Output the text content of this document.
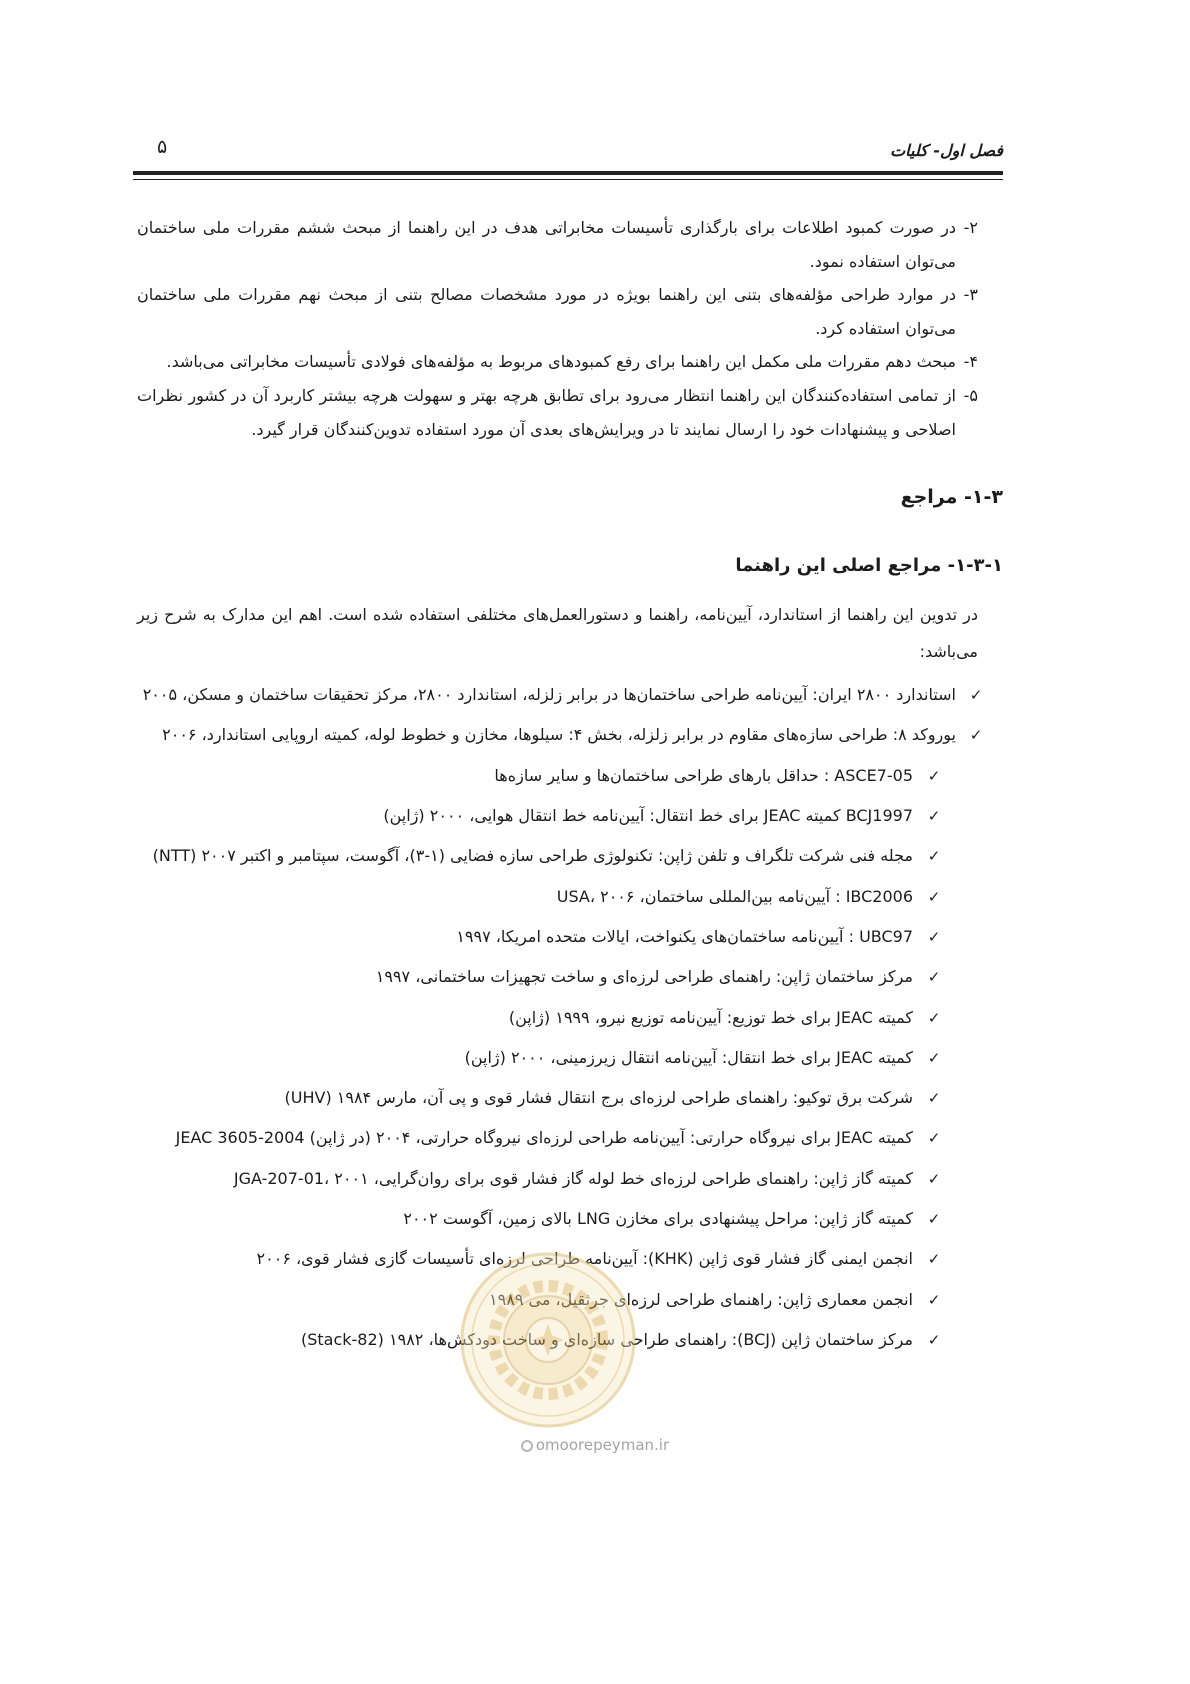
فصل اول- کلیات
۵
۲-
در صورت کمبود اطلاعات برای بارگذاری تأسیسات مخابراتی هدف در این راهنما از مبحث ششم مقررات ملی ساختمان می‌توان استفاده نمود.
۳-
در موارد طراحی مؤلفه‌های بتنی این راهنما بویژه در مورد مشخصات مصالح بتنی از مبحث نهم مقررات ملی ساختمان می‌توان استفاده کرد.
۴-
مبحث دهم مقررات ملی مکمل این راهنما برای رفع کمبودهای مربوط به مؤلفه‌های فولادی تأسیسات مخابراتی می‌باشد.
۵-
از تمامی استفاده‌کنندگان این راهنما انتظار می‌رود برای تطابق هرچه بهتر و سهولت هرچه بیشتر کاربرد آن در کشور نظرات اصلاحی و پیشنهادات خود را ارسال نمایند تا در ویرایش‌های بعدی آن مورد استفاده تدوین‌کنندگان قرار گیرد.
۱-۳- مراجع
۱-۳-۱- مراجع اصلی این راهنما
در تدوین این راهنما از استاندارد، آیین‌نامه، راهنما و دستورالعمل‌های مختلفی استفاده شده است. اهم این مدارک به شرح زیر می‌باشد:
✓
استاندارد ۲۸۰۰ ایران: آیین‌نامه طراحی ساختمان‌ها در برابر زلزله، استاندارد ۲۸۰۰، مرکز تحقیقات ساختمان و مسکن، ۲۰۰۵
✓
یوروکد ۸: طراحی سازه‌های مقاوم در برابر زلزله، بخش ۴: سیلوها، مخازن و خطوط لوله، کمیته اروپایی استاندارد، ۲۰۰۶
✓
ASCE7-05 : حداقل بارهای طراحی ساختمان‌ها و سایر سازه‌ها
✓
BCJ1997 کمیته JEAC برای خط انتقال: آیین‌نامه خط انتقال هوایی، ۲۰۰۰ (ژاپن)
✓
مجله فنی شرکت تلگراف و تلفن ژاپن: تکنولوژی طراحی سازه فضایی (۱-۳)، آگوست، سپتامبر و اکتبر ۲۰۰۷ (NTT)
✓
IBC2006 : آیین‌نامه بین‌المللی ساختمان، USA، ۲۰۰۶
✓
UBC97 : آیین‌نامه ساختمان‌های یکنواخت، ایالات متحده امریکا، ۱۹۹۷
✓
مرکز ساختمان ژاپن: راهنمای طراحی لرزه‌ای و ساخت تجهیزات ساختمانی، ۱۹۹۷
✓
کمیته JEAC برای خط توزیع: آیین‌نامه توزیع نیرو، ۱۹۹۹ (ژاپن)
✓
کمیته JEAC برای خط انتقال: آیین‌نامه انتقال زیرزمینی، ۲۰۰۰ (ژاپن)
✓
شرکت برق توکیو: راهنمای طراحی لرزه‌ای برج انتقال فشار قوی و پی آن، مارس ۱۹۸۴ (UHV)
✓
کمیته JEAC برای نیروگاه حرارتی: آیین‌نامه طراحی لرزه‌ای نیروگاه حرارتی، ۲۰۰۴ (در ژاپن) JEAC 3605-2004
✓
کمیته گاز ژاپن: راهنمای طراحی لرزه‌ای خط لوله گاز فشار قوی برای روان‌گرایی، JGA-207-01، ۲۰۰۱
✓
کمیته گاز ژاپن: مراحل پیشنهادی برای مخازن LNG بالای زمین، آگوست ۲۰۰۲
✓
انجمن ایمنی گاز فشار قوی ژاپن (KHK): آیین‌نامه طراحی لرزه‌ای تأسیسات گازی فشار قوی، ۲۰۰۶
✓
انجمن معماری ژاپن: راهنمای طراحی لرزه‌ای جرثقیل، می ۱۹۸۹
✓
مرکز ساختمان ژاپن (BCJ): راهنمای طراحی سازه‌ای و ساخت دودکش‌ها، ۱۹۸۲ (Stack-82)
omoorepeyman.ir
